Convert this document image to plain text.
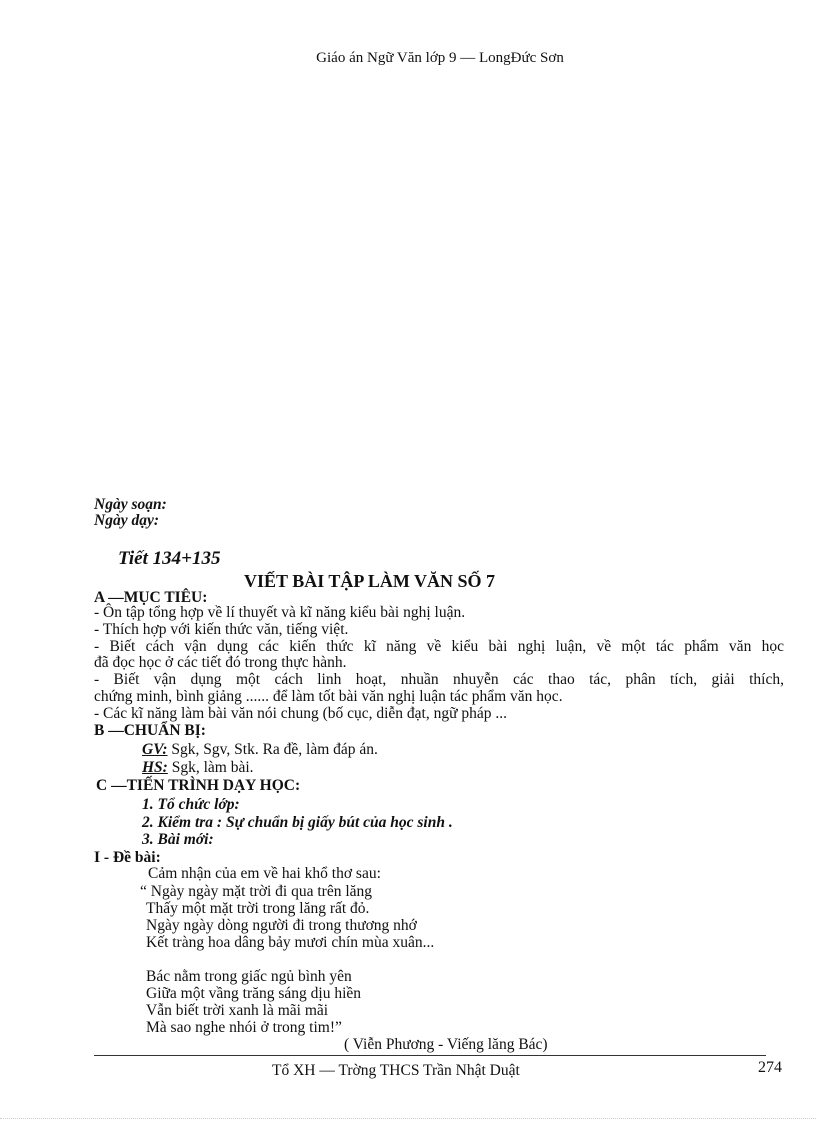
Giáo án Ngữ Văn lớp 9 — LongĐức Sơn
Ngày soạn:
Ngày dạy:
Tiết 134+135
VIẾT BÀI TẬP LÀM VĂN SỐ 7
A —MỤC TIÊU:
- Ôn tập tổng hợp về lí thuyết và kĩ năng kiểu bài nghị luận.
- Thích hợp với kiến thức văn, tiếng việt.
- Biết cách vận dụng các kiến thức kĩ năng về kiểu bài nghị luận, về một tác phẩm văn học
đã đọc học ở các tiết đó trong thực hành.
- Biết vận dụng một cách linh hoạt, nhuần nhuyễn các thao tác, phân tích, giải thích,
chứng minh, bình giảng ...... để làm tốt bài văn nghị luận tác phẩm văn học.
- Các kĩ năng làm bài văn nói chung (bố cục, diễn đạt, ngữ pháp ...
B —CHUẨN BỊ:
GV: Sgk, Sgv, Stk. Ra đề, làm đáp án.
HS: Sgk, làm bài.
C —TIẾN TRÌNH DẠY HỌC:
1. Tổ chức lớp:
2. Kiểm tra : Sự chuẩn bị giấy bút của học sinh .
3. Bài mới:
I - Đề bài:
Cảm nhận của em về hai khổ thơ sau:
“ Ngày ngày mặt trời đi qua trên lăng
Thấy một mặt trời trong lăng rất đỏ.
Ngày ngày dòng người đi trong thương nhớ
Kết tràng hoa dâng bảy mươi chín mùa xuân...
Bác nằm trong giấc ngủ bình yên
Giữa một vầng trăng sáng dịu hiền
Vẫn biết trời xanh là mãi mãi
Mà sao nghe nhói ở trong tim!”
( Viễn Phương - Viếng lăng Bác)
Tổ XH — Trờng THCS Trần Nhật Duật	274
